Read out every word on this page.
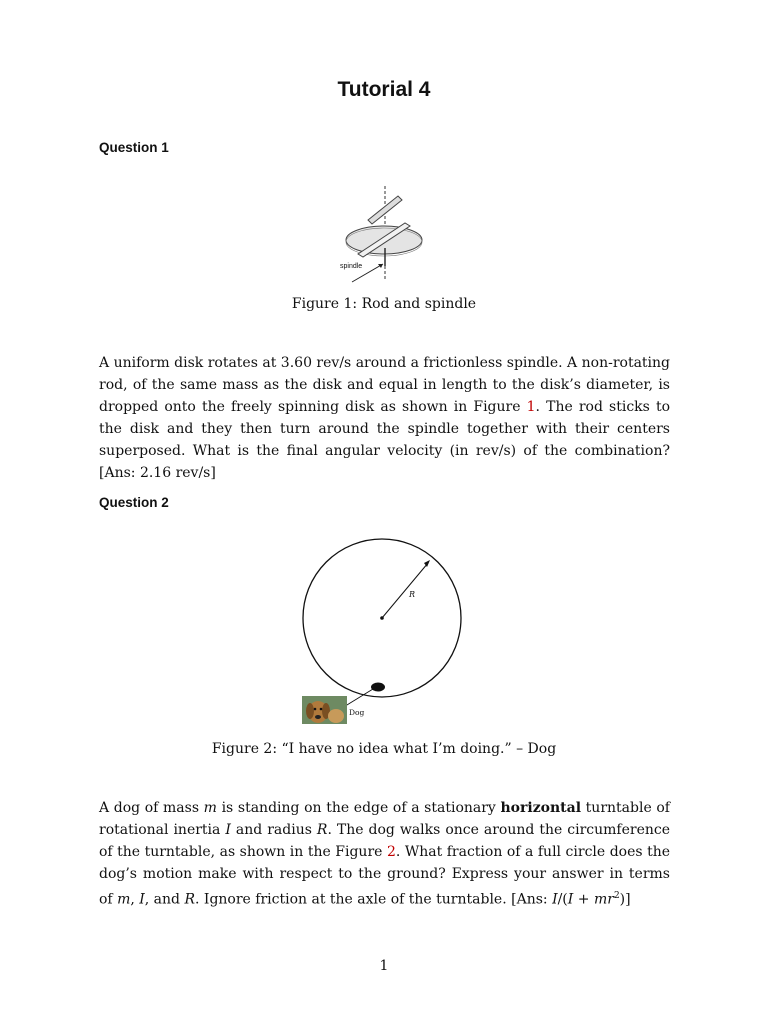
Tutorial 4
Question 1
spindle
Figure 1: Rod and spindle
A uniform disk rotates at 3.60 rev/s around a frictionless spindle. A non-rotating rod, of the same mass as the disk and equal in length to the disk’s diameter, is dropped onto the freely spinning disk as shown in Figure 1. The rod sticks to the disk and they then turn around the spindle together with their centers superposed. What is the final angular velocity (in rev/s) of the combination? [Ans: 2.16 rev/s]
Question 2
R
Dog
Figure 2: “I have no idea what I’m doing.” – Dog
A dog of mass m is standing on the edge of a stationary horizontal turntable of rotational inertia I and radius R. The dog walks once around the circumference of the turntable, as shown in the Figure 2. What fraction of a full circle does the dog’s motion make with respect to the ground? Express your answer in terms of m, I, and R. Ignore friction at the axle of the turntable. [Ans: $I/(I + mr^2)$]
1
